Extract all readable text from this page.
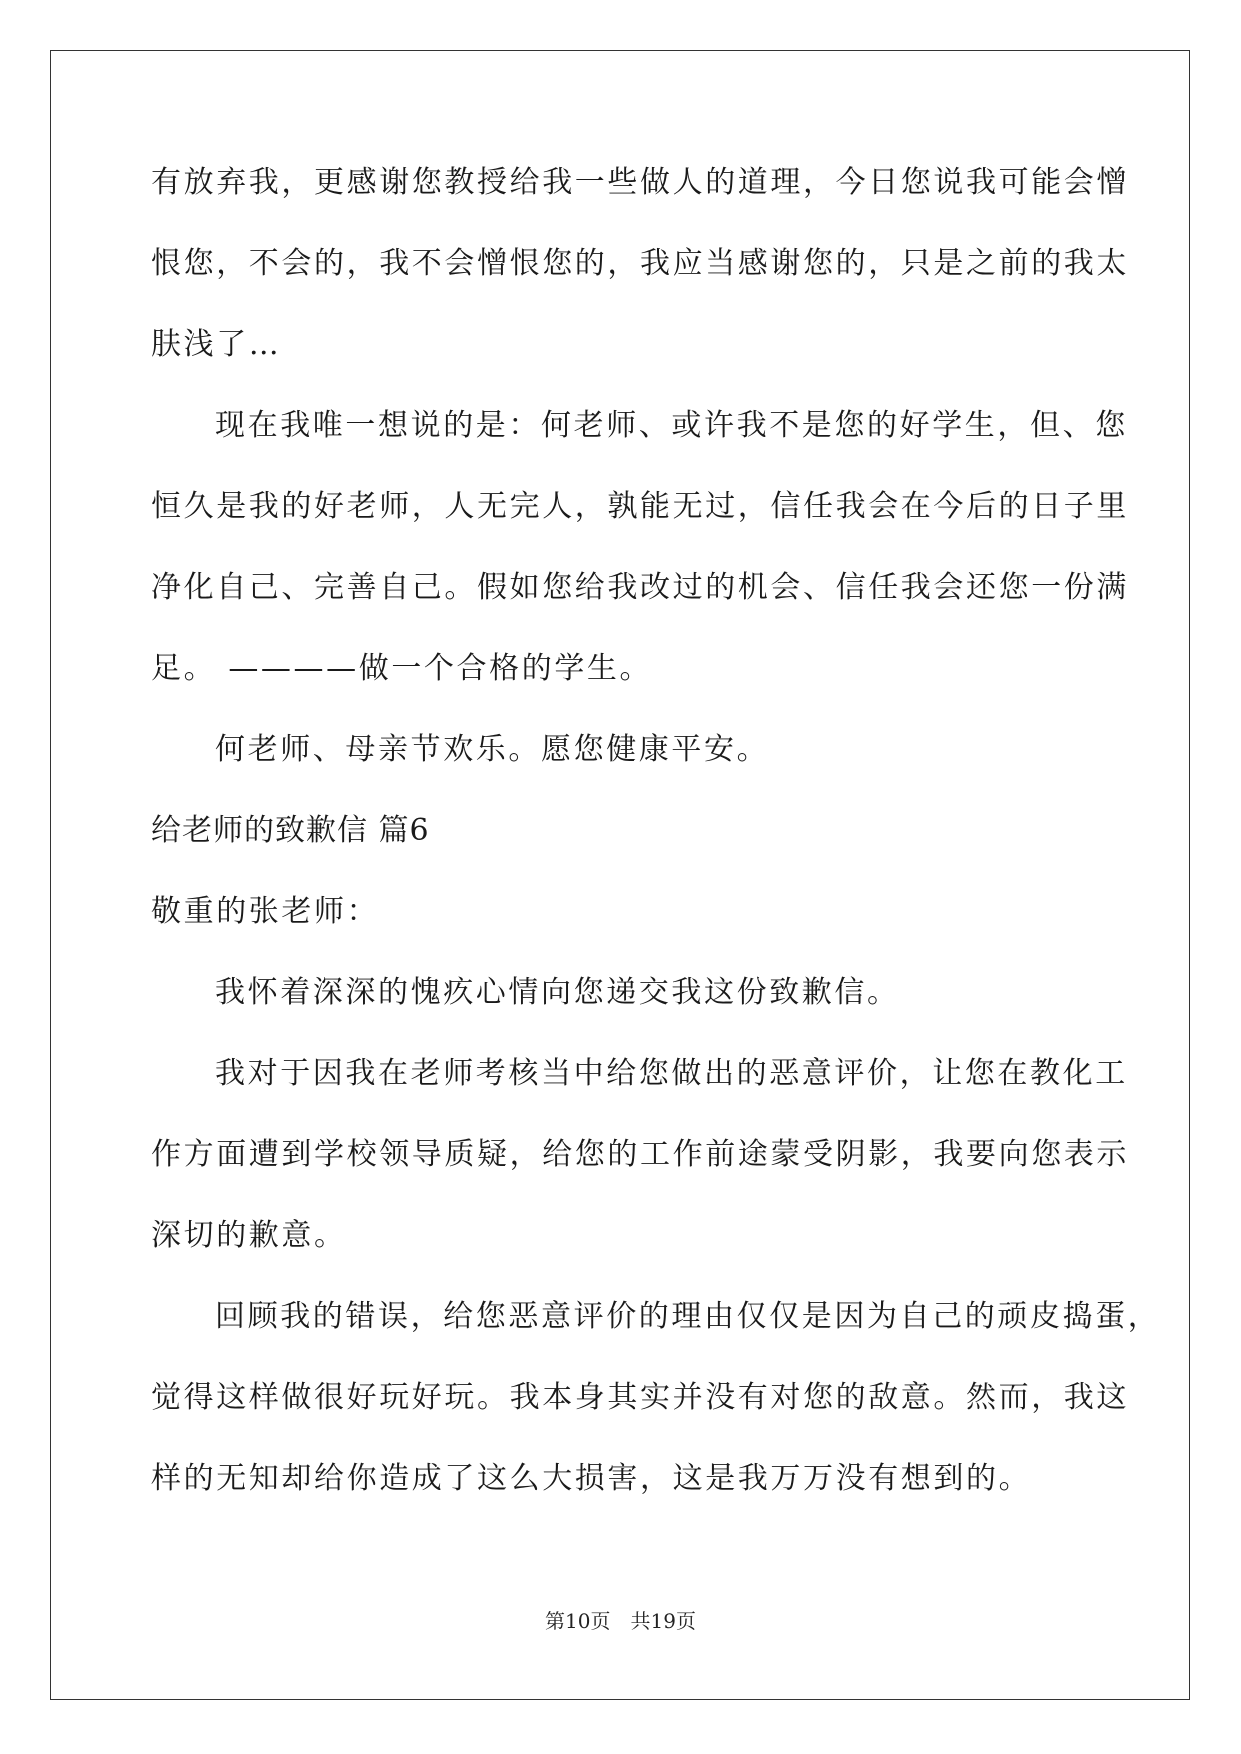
有放弃我，更感谢您教授给我一些做人的道理，今日您说我可能会憎
恨您，不会的，我不会憎恨您的，我应当感谢您的，只是之前的我太
肤浅了…
现在我唯一想说的是：何老师、或许我不是您的好学生，但、您
恒久是我的好老师，人无完人，孰能无过，信任我会在今后的日子里
净化自己、完善自己。假如您给我改过的机会、信任我会还您一份满
足。 ————做一个合格的学生。
何老师、母亲节欢乐。愿您健康平安。
给老师的致歉信 篇6
敬重的张老师：
我怀着深深的愧疚心情向您递交我这份致歉信。
我对于因我在老师考核当中给您做出的恶意评价，让您在教化工
作方面遭到学校领导质疑，给您的工作前途蒙受阴影，我要向您表示
深切的歉意。
回顾我的错误，给您恶意评价的理由仅仅是因为自己的顽皮捣蛋，
觉得这样做很好玩好玩。我本身其实并没有对您的敌意。然而，我这
样的无知却给你造成了这么大损害，这是我万万没有想到的。
第10页　共19页
